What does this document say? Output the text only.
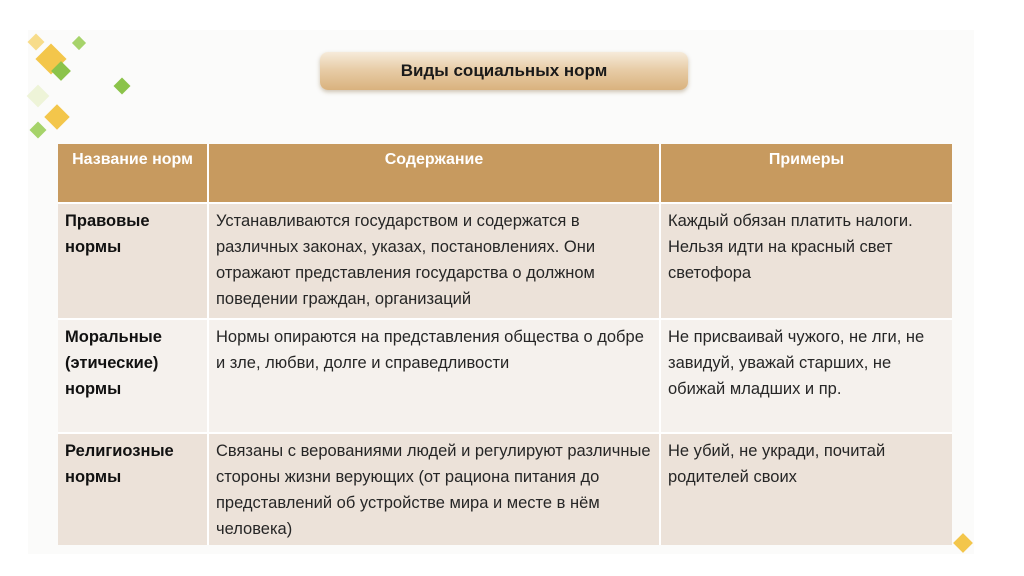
Виды социальных норм
Название норм	Содержание	Примеры
Правовые нормы	Устанавливаются государством и содержатся в различных законах, указах, постановлениях. Они отражают представления государства о должном поведении граждан, организаций	Каждый обязан платить налоги. Нельзя идти на красный свет светофора
Моральные (этические) нормы	Нормы опираются на представления общества о добре и зле, любви, долге и справедливости	Не присваивай чужого, не лги, не завидуй, уважай старших, не обижай младших и пр.
Религиозные нормы	Связаны с верованиями людей и регулируют различные стороны жизни верующих (от рациона питания до представлений об устройстве мира и месте в нём человека)	Не убий, не укради, почитай родителей своих
